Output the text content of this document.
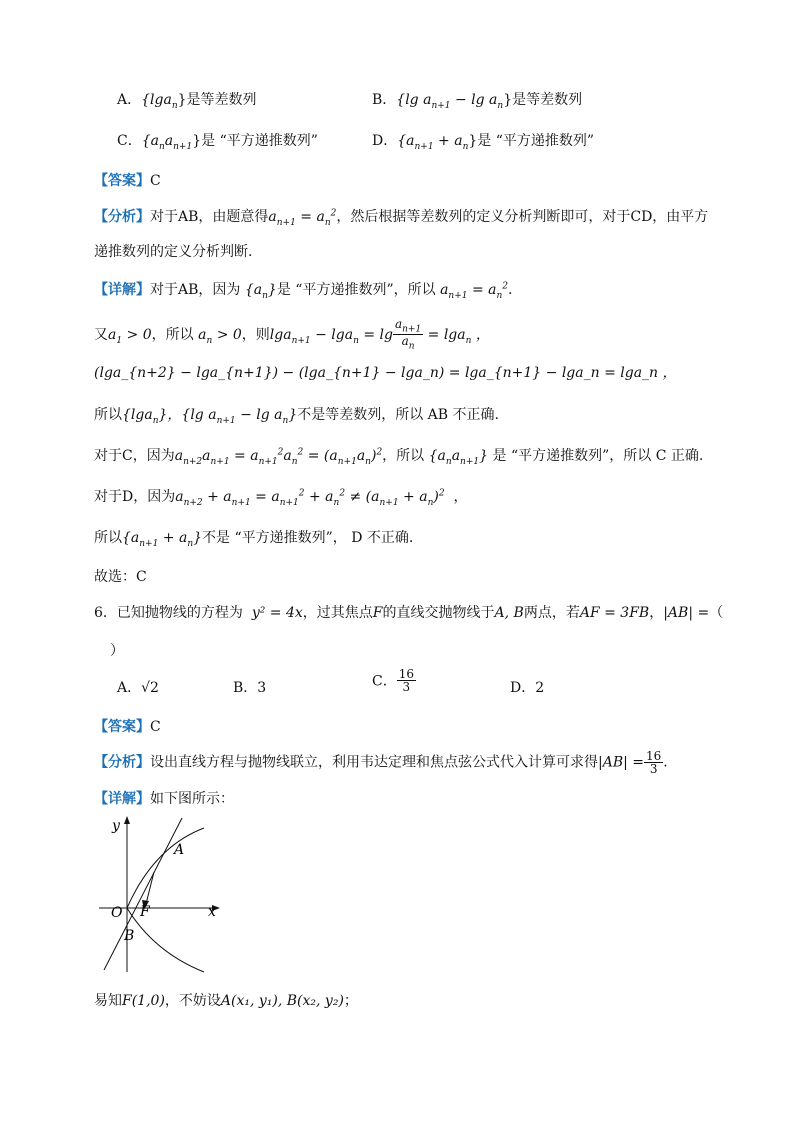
A．{lga$_n$}是等差数列	B．{lg $a_{n+1} - \lg a_n$}是等差数列
C．$\{a_na_{n+1}\}$是 “平方递推数列”	D．$\{a_{n+1} + a_n\}$是 “平方递推数列”
【答案】C
【分析】对于AB，由题意得$a_{n+1} = a_n^2$，然后根据等差数列的定义分析判断即可，对于CD，由平方
递推数列的定义分析判断.
【详解】对于AB，因为 $\{a_n\}$是 “平方递推数列”，所以 $a_{n+1} = a_n^2$.
又$a_1 > 0$，所以 $a_n > 0$，则$\lg a_{n+1} - \lg a_n = \lg \frac{a_{n+1}}{a_n} = \lg a_n$ ，
(lga_{n+2} − lga_{n+1}) − (lga_{n+1} − lga_n) = lga_{n+1} − lga_n = lga_n ，
所以{lga$_n$}，{lg $a_{n+1} - \lg a_n$}不是等差数列，所以 AB 不正确.
对于C，因为$a_{n+2}a_{n+1} = a_{n+1}^2a_n^2 = (a_{n+1}a_n)^2$，所以 $\{a_na_{n+1}\}$ 是 “平方递推数列”，所以 C 正确.
对于D，因为$a_{n+2} + a_{n+1} = a_{n+1}^2 + a_n^2 \ne (a_{n+1} + a_n)^2$ ，
所以$\{a_{n+1} + a_n\}$不是 “平方递推数列”， D 不正确.
故选：C
6．已知抛物线的方程为 y² = 4x，过其焦点F的直线交抛物线于A, B两点，若AF = 3FB，|AB| =（
）
A．√2	B．3	C． $\frac{16}{3}$	D．2
【答案】C
【分析】设出直线方程与抛物线联立，利用韦达定理和焦点弦公式代入计算可求得$|AB| = \frac{16}{3}$ .
【详解】如下图所示：
y
x
O F
A
B
易知F(1,0)，不妨设A(x₁, y₁), B(x₂, y₂)；
